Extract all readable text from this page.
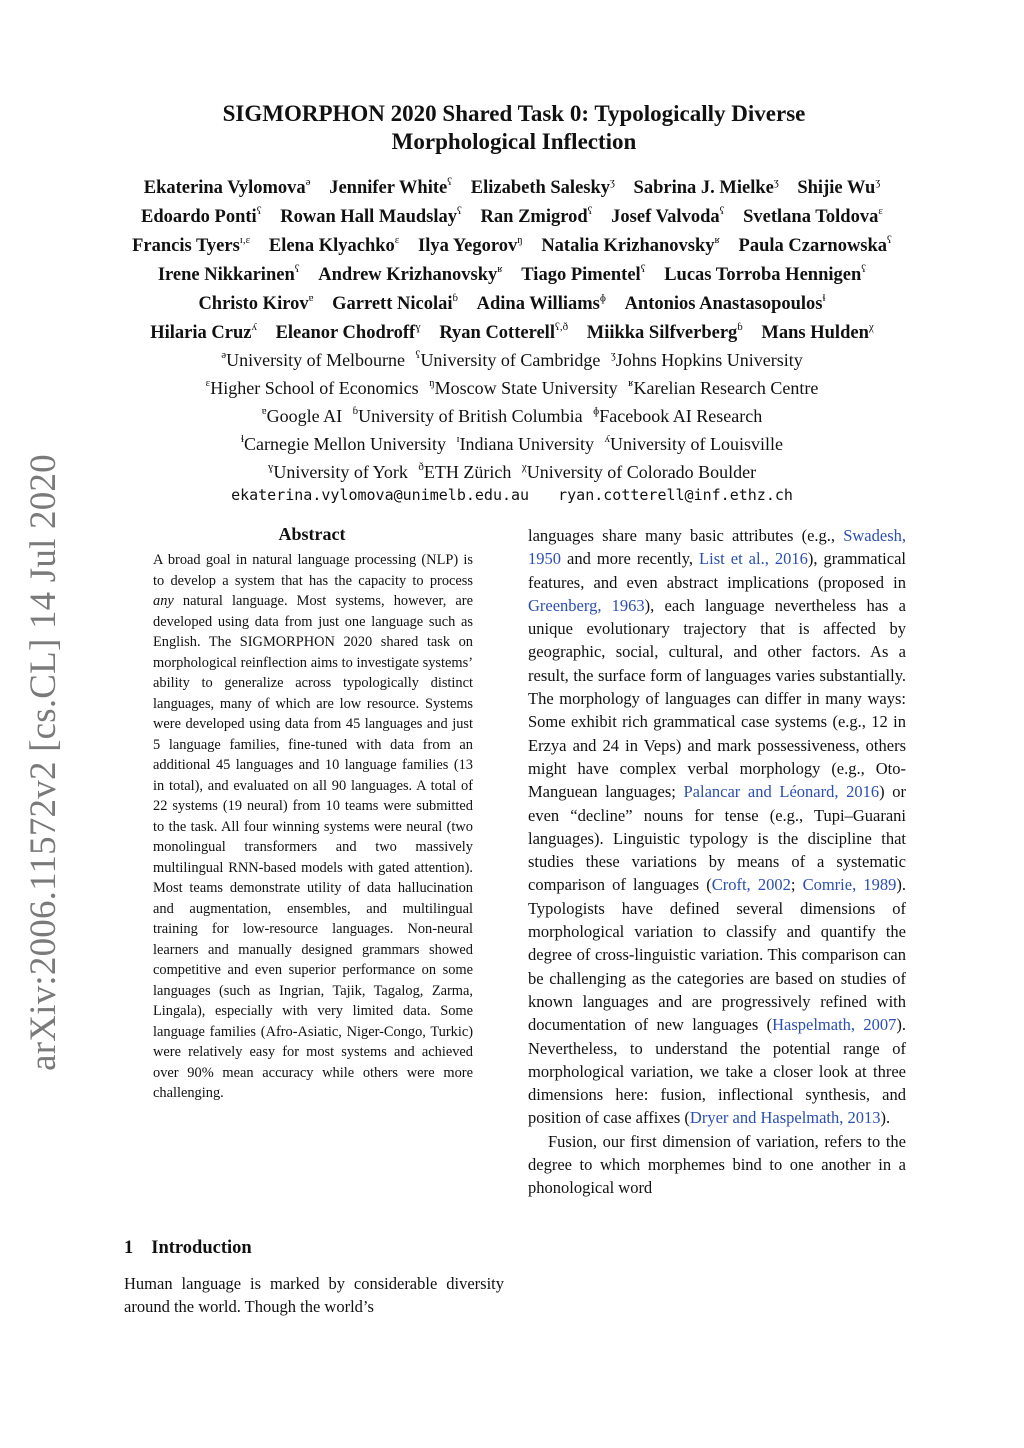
arXiv:2006.11572v2 [cs.CL] 14 Jul 2020
SIGMORPHON 2020 Shared Task 0: Typologically Diverse
Morphological Inflection
Ekaterina Vylomova$^ə$ Jennifer White$^ʕ$ Elizabeth Salesky$^ʒ$ Sabrina J. Mielke$^ʒ$ Shijie $Wu^ʒ$
Edoardo Ponti$^ʕ$ Rowan Hall Maudslay$^ʕ$ Ran Zmigrod$^ʕ$ Josef Valvoda$^ʕ$ Svetlana Toldova$^ɛ$
Francis Tyers$^{ɪ,ɛ}$ Elena Klyachko$^ɛ$ Ilya Yegorov$^ŋ$ Natalia Krizhanovsky$^ʁ$ Paula Czarnowska$^ʕ$
Irene Nikkarinen$^ʕ$ Andrew Krizhanovsky$^ʁ$ Tiago Pimentel$^ʕ$ Lucas Torroba Hennigen$^ʕ$
Christo Kirov$^ɐ$ Garrett Nicolai$^ɓ$ Adina Williams$^ɸ$ Antonios Anastasopoulos$^ɬ$
Hilaria Cruz$^ʎ$ Eleanor Chodroff$^ɣ$ Ryan Cotterell$^{ʕ,ð}$ Miikka Silfverberg$^ɓ$ Mans Hulden$^\chi$
$^ə$University of Melbourne $^ʕ$University of Cambridge $^ʒ$Johns Hopkins University
$^ɛ$Higher School of Economics $^ŋ$Moscow State University $^ʁ$Karelian Research Centre
$^ɐ$Google AI $^ɓ$University of British Columbia $^ɸ$Facebook AI Research
$^ɬ$Carnegie Mellon University $^ɪ$Indiana University $^ʎ$University of Louisville
$^ɣ$University of York $^ð$ETH Zürich $^\chi$University of Colorado Boulder
ekaterina.vylomova@unimelb.edu.au ryan.cotterell@inf.ethz.ch
Abstract
A broad goal in natural language processing (NLP) is to develop a system that has the capacity to process any natural language. Most systems, however, are developed using data from just one language such as English. The SIGMORPHON 2020 shared task on morphological reinflection aims to investigate systems’ ability to generalize across typologically distinct languages, many of which are low resource. Systems were developed using data from 45 languages and just 5 language families, fine-tuned with data from an additional 45 languages and 10 language families (13 in total), and evaluated on all 90 languages. A total of 22 systems (19 neural) from 10 teams were submitted to the task. All four winning systems were neural (two monolingual transformers and two massively multilingual RNN-based models with gated attention). Most teams demonstrate utility of data hallucination and augmentation, ensembles, and multilingual training for low-resource languages. Non-neural learners and manually designed grammars showed competitive and even superior performance on some languages (such as Ingrian, Tajik, Tagalog, Zarma, Lingala), especially with very limited data. Some language families (Afro-Asiatic, Niger-Congo, Turkic) were relatively easy for most systems and achieved over 90% mean accuracy while others were more challenging.
1 Introduction
Human language is marked by considerable diversity around the world. Though the world’s

languages share many basic attributes (e.g., Swadesh, 1950 and more recently, List et al., 2016), grammatical features, and even abstract implications (proposed in Greenberg, 1963), each language nevertheless has a unique evolutionary trajectory that is affected by geographic, social, cultural, and other factors. As a result, the surface form of languages varies substantially. The morphology of languages can differ in many ways: Some exhibit rich grammatical case systems (e.g., 12 in Erzya and 24 in Veps) and mark possessiveness, others might have complex verbal morphology (e.g., Oto-Manguean languages; Palancar and Léonard, 2016) or even “decline” nouns for tense (e.g., Tupi–Guarani languages). Linguistic typology is the discipline that studies these variations by means of a systematic comparison of languages (Croft, 2002; Comrie, 1989). Typologists have defined several dimensions of morphological variation to classify and quantify the degree of cross-linguistic variation. This comparison can be challenging as the categories are based on studies of known languages and are progressively refined with documentation of new languages (Haspelmath, 2007). Nevertheless, to understand the potential range of morphological variation, we take a closer look at three dimensions here: fusion, inflectional synthesis, and position of case affixes (Dryer and Haspelmath, 2013).

Fusion, our first dimension of variation, refers to the degree to which morphemes bind to one another in a phonological word
